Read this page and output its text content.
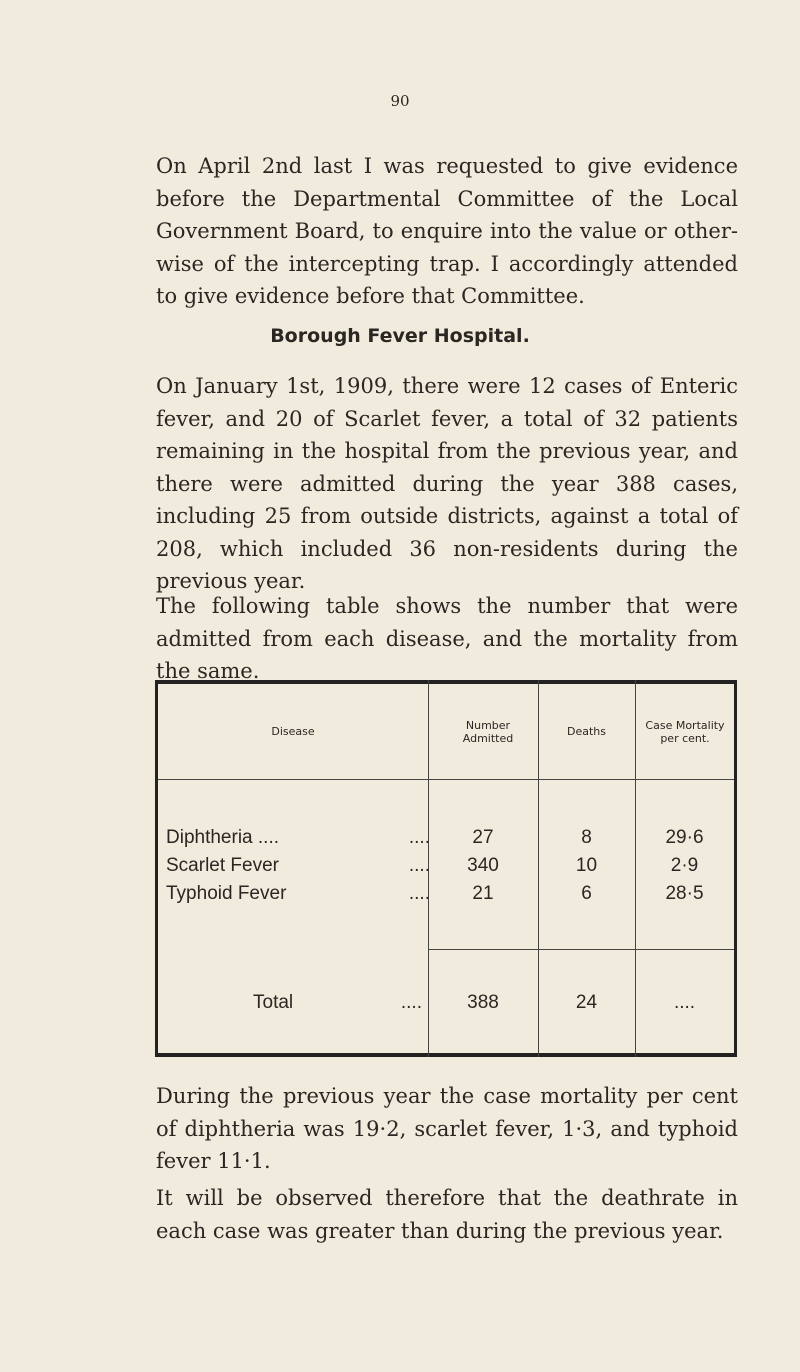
90

On April 2nd last I was requested to give evidence before the Departmental Committee of the Local Government Board, to enquire into the value or other- wise of the intercepting trap. I accordingly attended to give evidence before that Committee.

Borough Fever Hospital.

On January 1st, 1909, there were 12 cases of Enteric fever, and 20 of Scarlet fever, a total of 32 patients remaining in the hospital from the previous year, and there were admitted during the year 388 cases, including 25 from outside districts, against a total of 208, which included 36 non-residents during the previous year.

The following table shows the number that were admitted from each disease, and the mortality from the same.

Disease	Number Admitted	Deaths	Case Mortality per cent.
Diphtheria ....	....	27	8	29·6
Scarlet Fever	....	340	10	2·9
Typhoid Fever	....	21	6	28·5
Total	....	388	24	....

During the previous year the case mortality per cent of diphtheria was 19·2, scarlet fever, 1·3, and typhoid fever 11·1.

It will be observed therefore that the deathrate in each case was greater than during the previous year.
